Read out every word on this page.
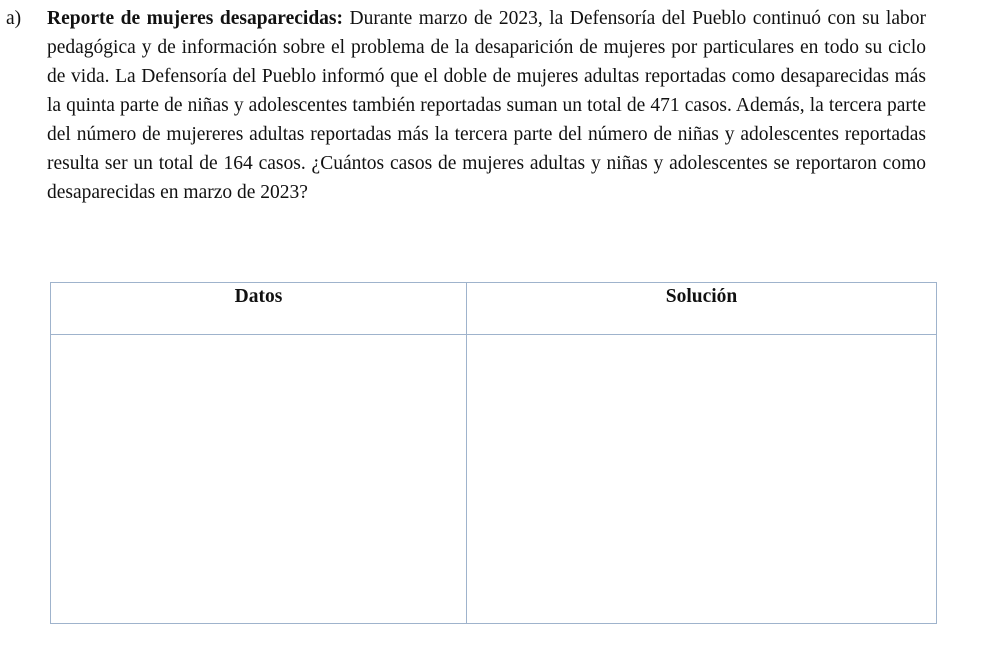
a) Reporte de mujeres desaparecidas: Durante marzo de 2023, la Defensoría del Pueblo continuó con su labor pedagógica y de información sobre el problema de la desaparición de mujeres por particulares en todo su ciclo de vida. La Defensoría del Pueblo informó que el doble de mujeres adultas reportadas como desaparecidas más la quinta parte de niñas y adolescentes también reportadas suman un total de 471 casos. Además, la tercera parte del número de mujereres adultas reportadas más la tercera parte del número de niñas y adolescentes reportadas resulta ser un total de 164 casos. ¿Cuántos casos de mujeres adultas y niñas y adolescentes se reportaron como desaparecidas en marzo de 2023?
Datos	Solución
